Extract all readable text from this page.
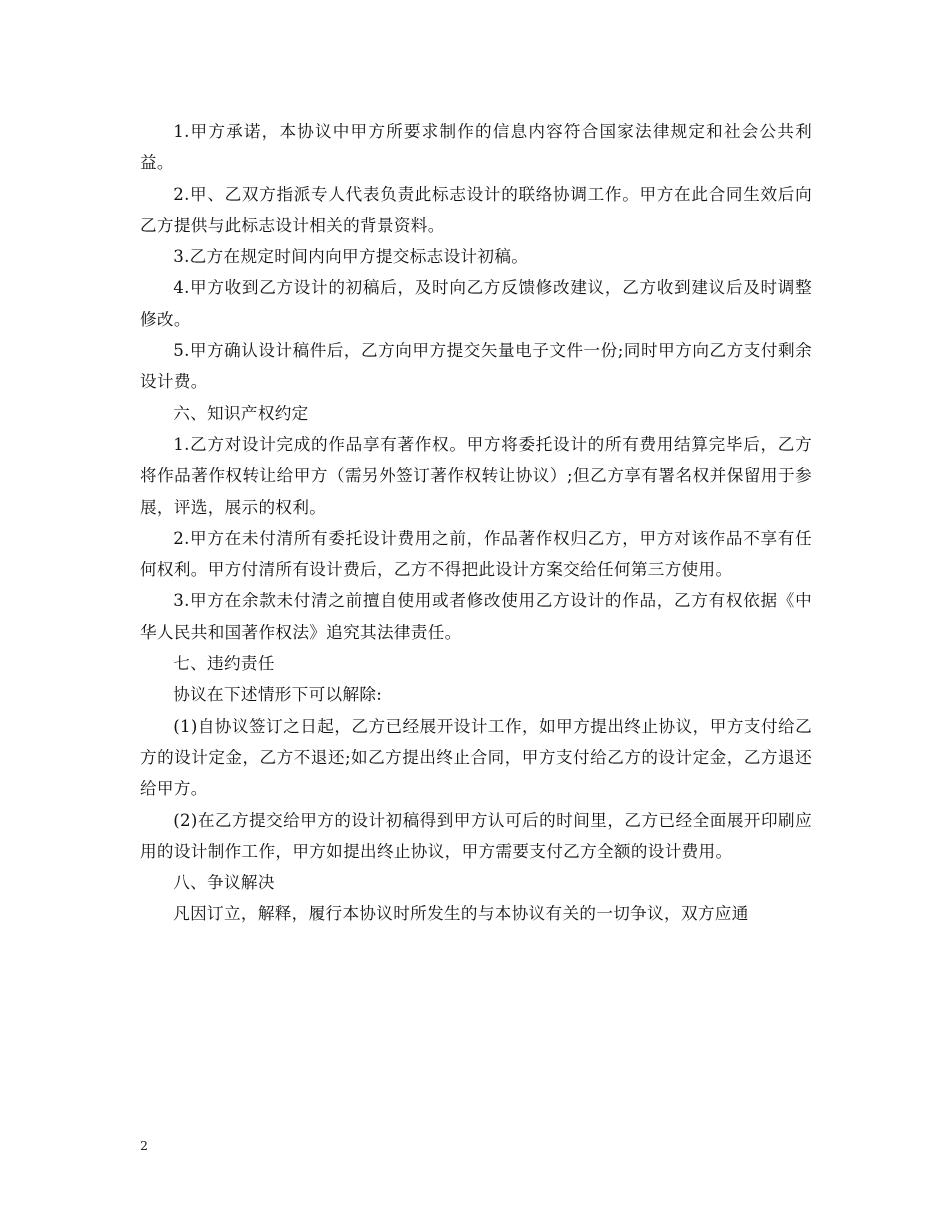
1.甲方承诺，本协议中甲方所要求制作的信息内容符合国家法律规定和社会公共利益。

2.甲、乙双方指派专人代表负责此标志设计的联络协调工作。甲方在此合同生效后向乙方提供与此标志设计相关的背景资料。

3.乙方在规定时间内向甲方提交标志设计初稿。

4.甲方收到乙方设计的初稿后，及时向乙方反馈修改建议，乙方收到建议后及时调整修改。

5.甲方确认设计稿件后，乙方向甲方提交矢量电子文件一份;同时甲方向乙方支付剩余设计费。

六、知识产权约定

1.乙方对设计完成的作品享有著作权。甲方将委托设计的所有费用结算完毕后，乙方将作品著作权转让给甲方（需另外签订著作权转让协议）;但乙方享有署名权并保留用于参展，评选，展示的权利。

2.甲方在未付清所有委托设计费用之前，作品著作权归乙方，甲方对该作品不享有任何权利。甲方付清所有设计费后，乙方不得把此设计方案交给任何第三方使用。

3.甲方在余款未付清之前擅自使用或者修改使用乙方设计的作品，乙方有权依据《中华人民共和国著作权法》追究其法律责任。

七、违约责任

协议在下述情形下可以解除:

(1)自协议签订之日起，乙方已经展开设计工作，如甲方提出终止协议，甲方支付给乙方的设计定金，乙方不退还;如乙方提出终止合同，甲方支付给乙方的设计定金，乙方退还给甲方。

(2)在乙方提交给甲方的设计初稿得到甲方认可后的时间里，乙方已经全面展开印刷应用的设计制作工作，甲方如提出终止协议，甲方需要支付乙方全额的设计费用。

八、争议解决

凡因订立，解释，履行本协议时所发生的与本协议有关的一切争议，双方应通

2
